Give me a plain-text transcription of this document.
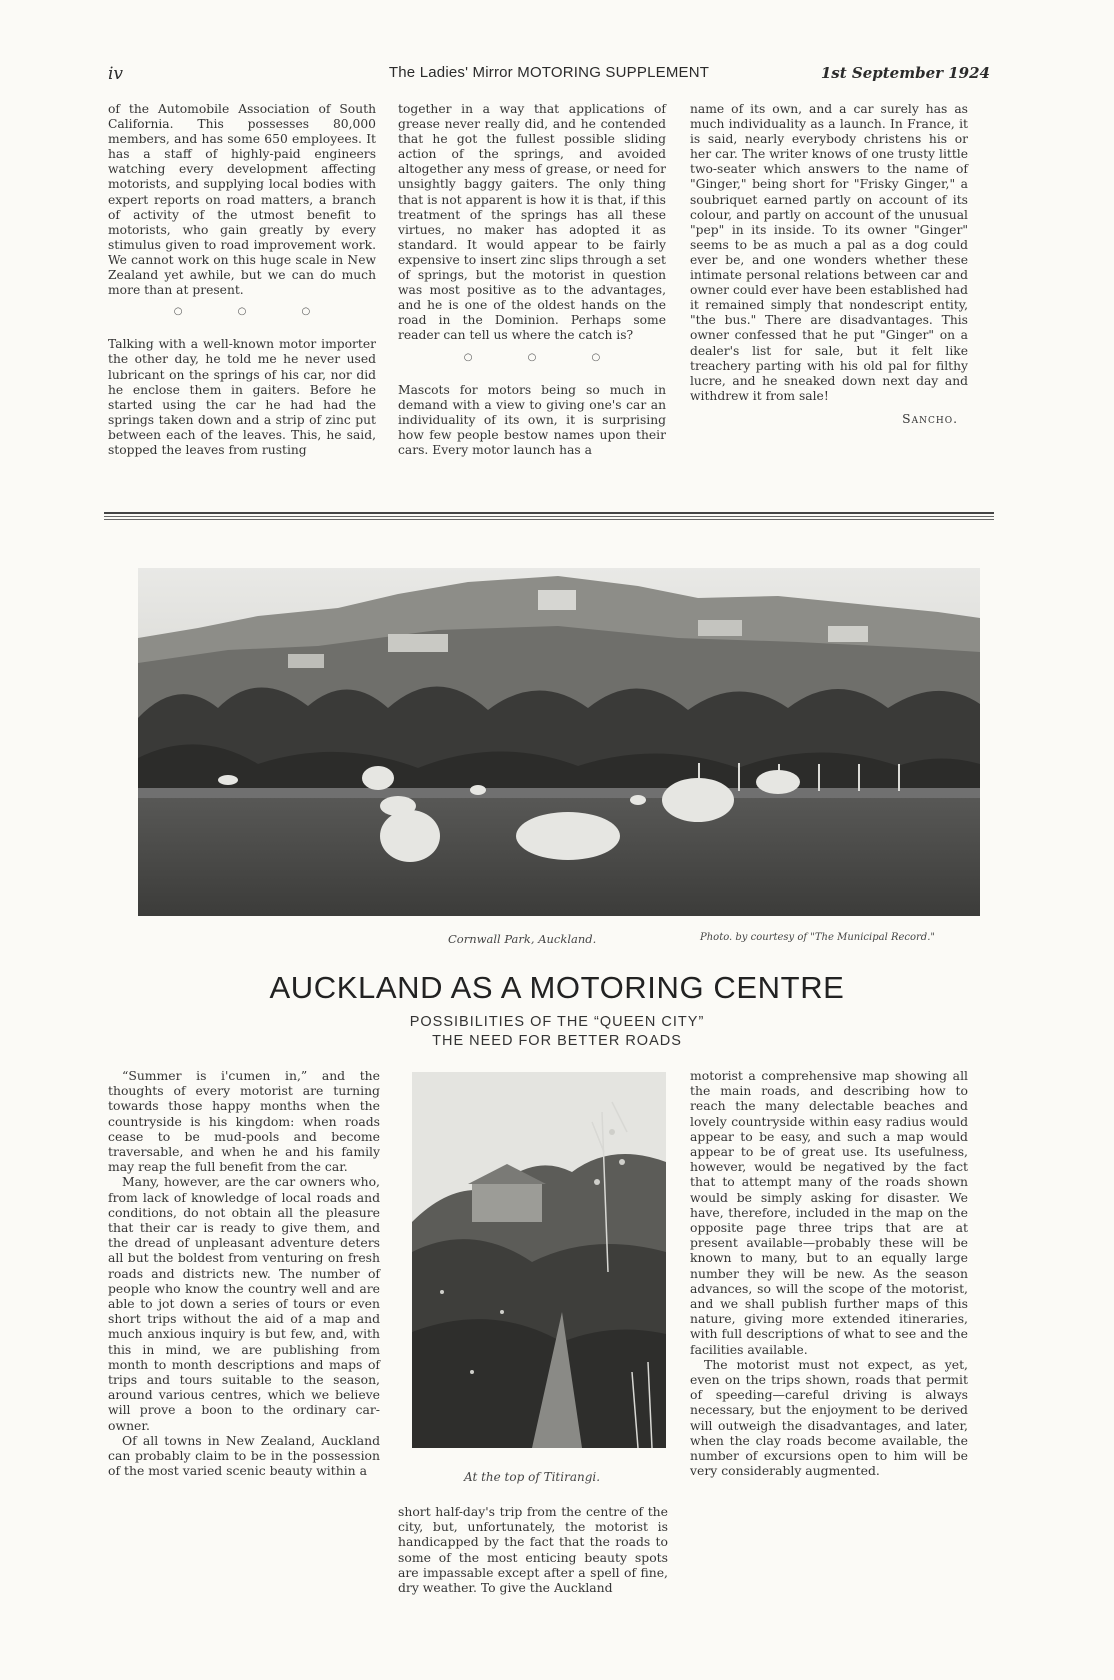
iv	The Ladies' Mirror MOTORING SUPPLEMENT	1st September 1924

of the Automobile Association of South California. This possesses 80,000 members, and has some 650 employees. It has a staff of highly-paid engineers watching every development affecting motorists, and supplying local bodies with expert reports on road matters, a branch of activity of the utmost benefit to motorists, who gain greatly by every stimulus given to road improvement work. We cannot work on this huge scale in New Zealand yet awhile, but we can do much more than at present.

○ ○ ○

Talking with a well-known motor importer the other day, he told me he never used lubricant on the springs of his car, nor did he enclose them in gaiters. Before he started using the car he had had the springs taken down and a strip of zinc put between each of the leaves. This, he said, stopped the leaves from rusting

together in a way that applications of grease never really did, and he contended that he got the fullest possible sliding action of the springs, and avoided altogether any mess of grease, or need for unsightly baggy gaiters. The only thing that is not apparent is how it is that, if this treatment of the springs has all these virtues, no maker has adopted it as standard. It would appear to be fairly expensive to insert zinc slips through a set of springs, but the motorist in question was most positive as to the advantages, and he is one of the oldest hands on the road in the Dominion. Perhaps some reader can tell us where the catch is?

○ ○ ○

Mascots for motors being so much in demand with a view to giving one's car an individuality of its own, it is surprising how few people bestow names upon their cars. Every motor launch has a

name of its own, and a car surely has as much individuality as a launch. In France, it is said, nearly everybody christens his or her car. The writer knows of one trusty little two-seater which answers to the name of "Ginger," being short for "Frisky Ginger," a soubriquet earned partly on account of its colour, and partly on account of the unusual "pep" in its inside. To its owner "Ginger" seems to be as much a pal as a dog could ever be, and one wonders whether these intimate personal relations between car and owner could ever have been established had it remained simply that nondescript entity, "the bus." There are disadvantages. This owner confessed that he put "Ginger" on a dealer's list for sale, but it felt like treachery parting with his old pal for filthy lucre, and he sneaked down next day and withdrew it from sale!

Sancho.
Cornwall Park, Auckland.	Photo. by courtesy of "The Municipal Record."
AUCKLAND AS A MOTORING CENTRE
POSSIBILITIES OF THE “QUEEN CITY”
THE NEED FOR BETTER ROADS

“Summer is i'cumen in,” and the thoughts of every motorist are turning towards those happy months when the countryside is his kingdom: when roads cease to be mud-pools and become traversable, and when he and his family may reap the full benefit from the car.

Many, however, are the car owners who, from lack of knowledge of local roads and conditions, do not obtain all the pleasure that their car is ready to give them, and the dread of unpleasant adventure deters all but the boldest from venturing on fresh roads and districts new. The number of people who know the country well and are able to jot down a series of tours or even short trips without the aid of a map and much anxious inquiry is but few, and, with this in mind, we are publishing from month to month descriptions and maps of trips and tours suitable to the season, around various centres, which we believe will prove a boon to the ordinary car-owner.

Of all towns in New Zealand, Auckland can probably claim to be in the possession of the most varied scenic beauty within a	At the top of Titirangi.

short half-day's trip from the centre of the city, but, unfortunately, the motorist is handicapped by the fact that the roads to some of the most enticing beauty spots are impassable except after a spell of fine, dry weather. To give the Auckland

motorist a comprehensive map showing all the main roads, and describing how to reach the many delectable beaches and lovely countryside within easy radius would appear to be easy, and such a map would appear to be of great use. Its usefulness, however, would be negatived by the fact that to attempt many of the roads shown would be simply asking for disaster. We have, therefore, included in the map on the opposite page three trips that are at present available—probably these will be known to many, but to an equally large number they will be new. As the season advances, so will the scope of the motorist, and we shall publish further maps of this nature, giving more extended itineraries, with full descriptions of what to see and the facilities available.

The motorist must not expect, as yet, even on the trips shown, roads that permit of speeding—careful driving is always necessary, but the enjoyment to be derived will outweigh the disadvantages, and later, when the clay roads become available, the number of excursions open to him will be very considerably augmented.
